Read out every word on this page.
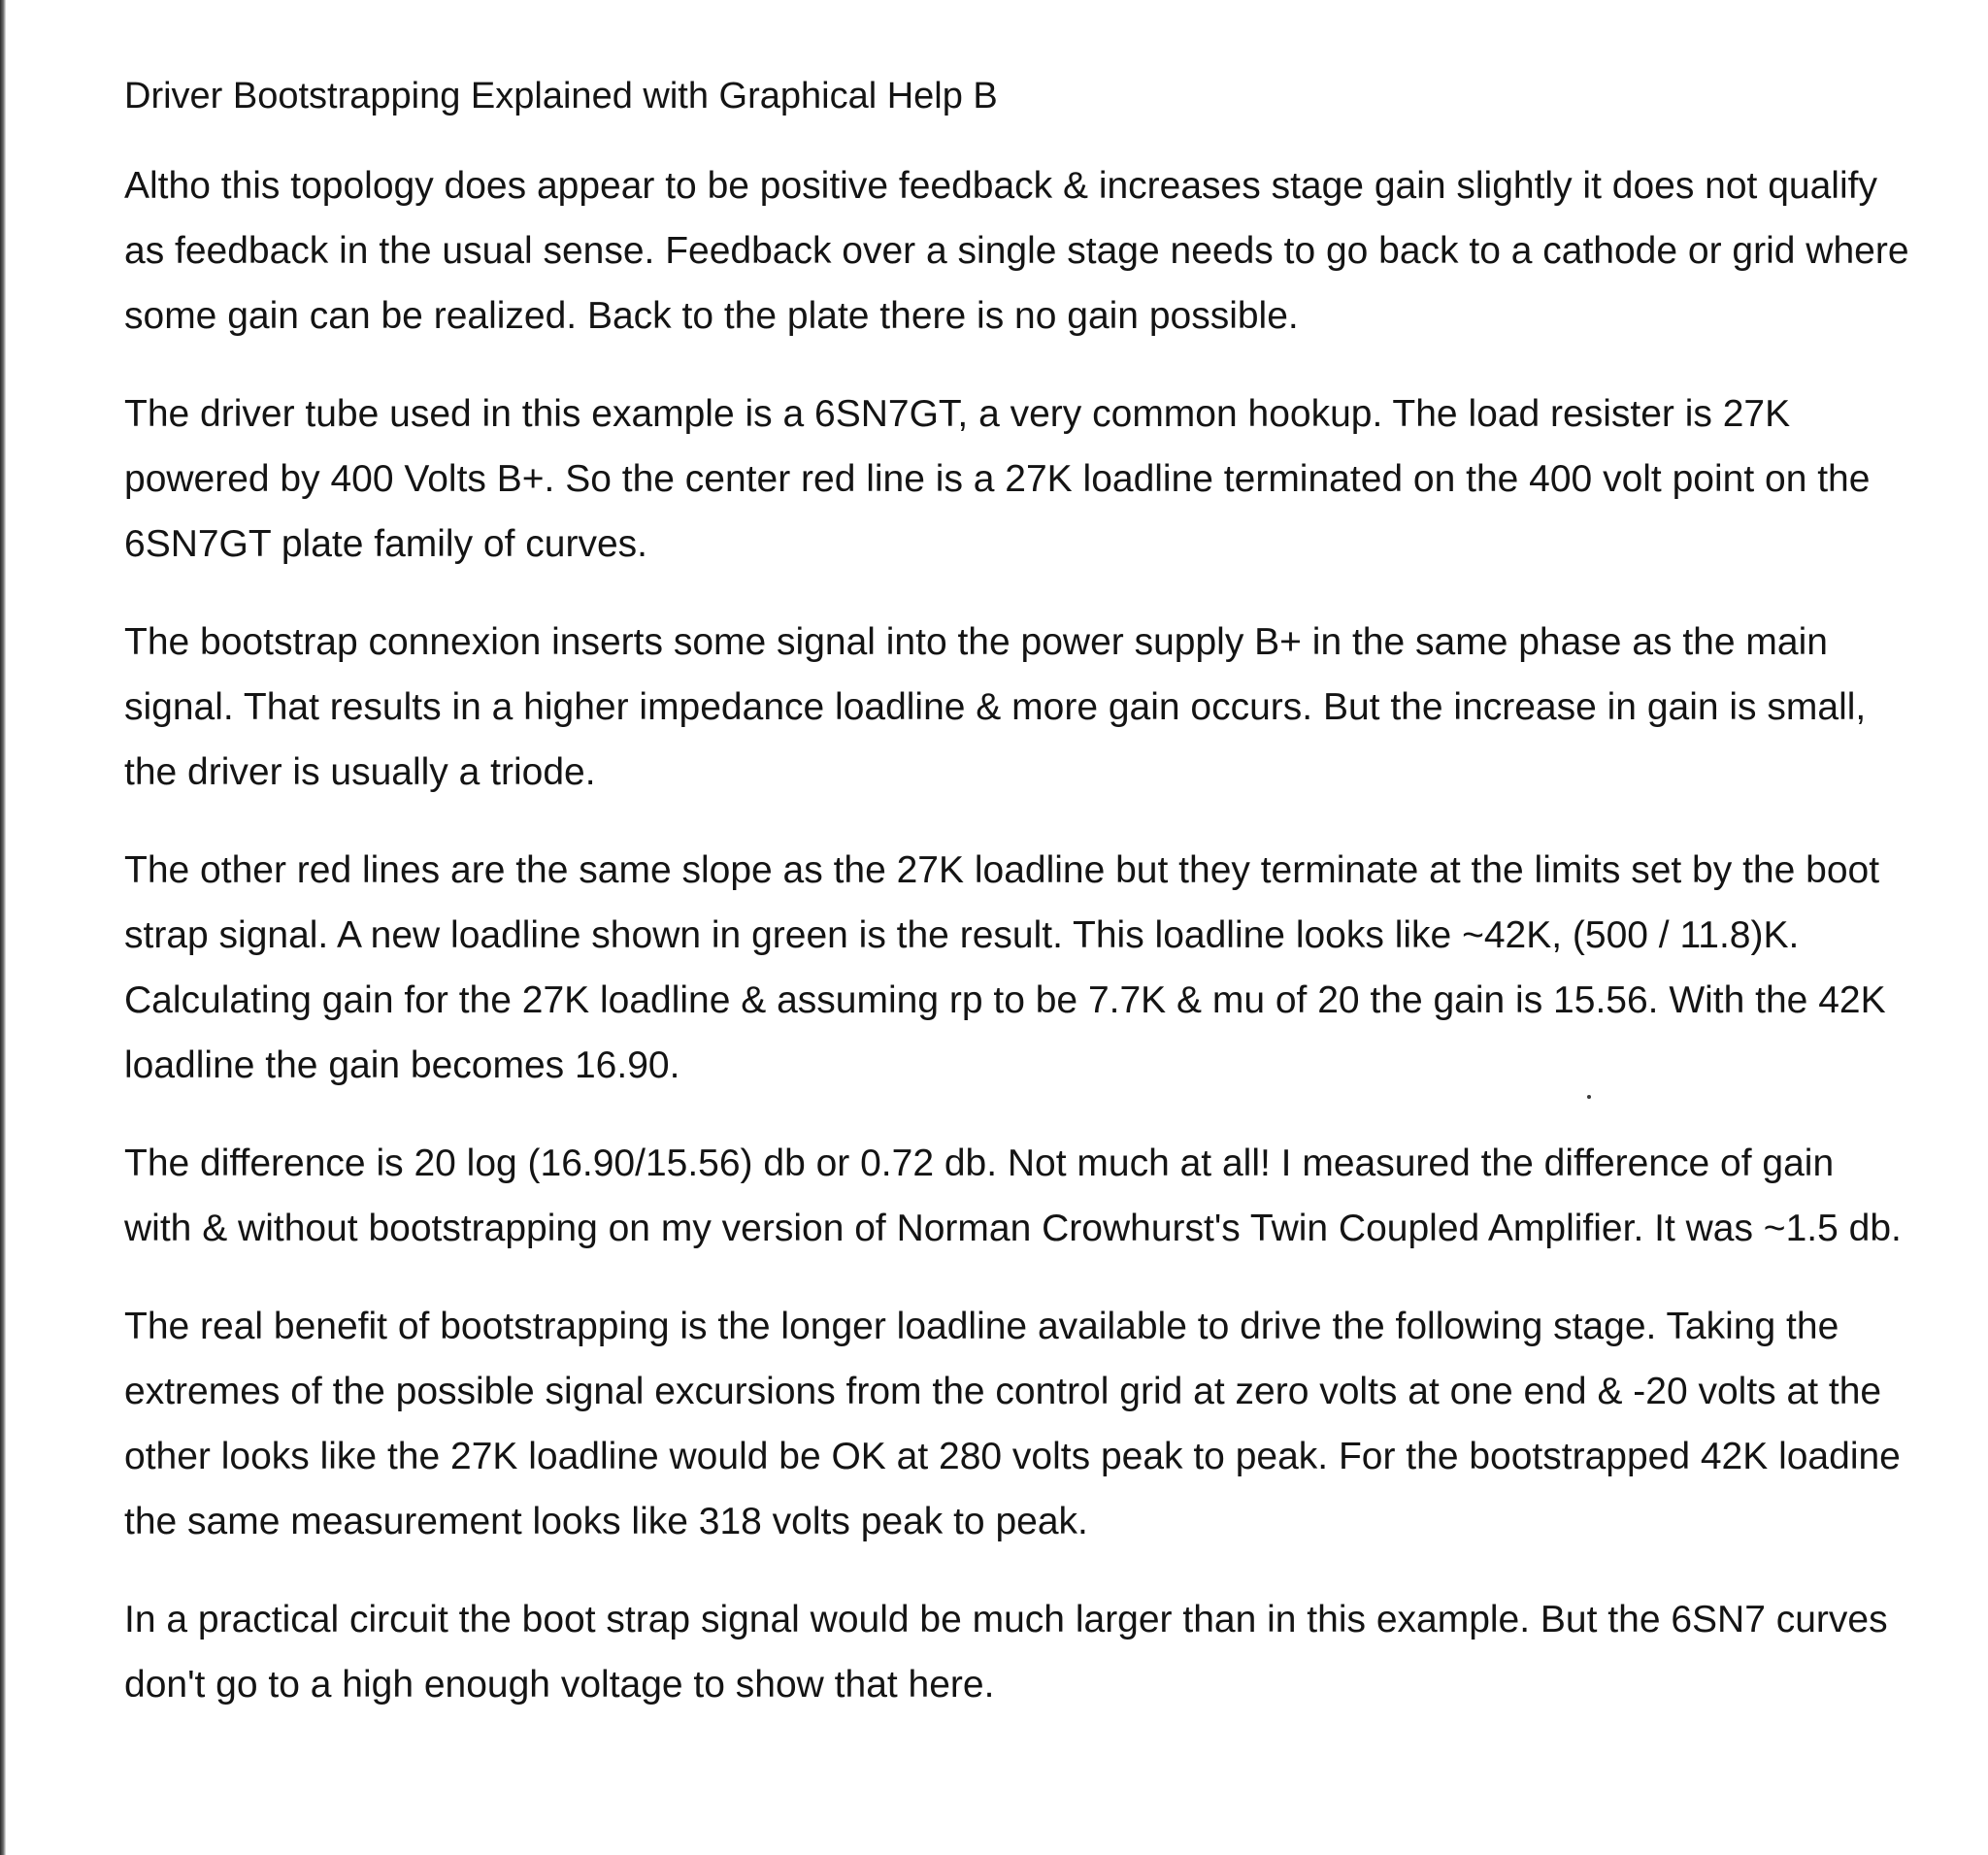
Driver Bootstrapping Explained with Graphical Help B

Altho this topology does appear to be positive feedback & increases stage gain slightly it does not qualify as feedback in the usual sense. Feedback over a single stage needs to go back to a cathode or grid where some gain can be realized. Back to the plate there is no gain possible.

The driver tube used in this example is a 6SN7GT, a very common hookup. The load resister is 27K powered by 400 Volts B+. So the center red line is a 27K loadline terminated on the 400 volt point on the 6SN7GT plate family of curves.

The bootstrap connexion inserts some signal into the power supply B+ in the same phase as the main signal. That results in a higher impedance loadline & more gain occurs. But the increase in gain is small, the driver is usually a triode.

The other red lines are the same slope as the 27K loadline but they terminate at the limits set by the boot strap signal. A new loadline shown in green is the result. This loadline looks like ~42K, (500 / 11.8)K. Calculating gain for the 27K loadline & assuming rp to be 7.7K & mu of 20 the gain is 15.56. With the 42K loadline the gain becomes 16.90.

The difference is 20 log (16.90/15.56) db or 0.72 db. Not much at all! I measured the difference of gain with & without bootstrapping on my version of Norman Crowhurst's Twin Coupled Amplifier. It was ~1.5 db.

The real benefit of bootstrapping is the longer loadline available to drive the following stage. Taking the extremes of the possible signal excursions from the control grid at zero volts at one end & -20 volts at the other looks like the 27K loadline would be OK at 280 volts peak to peak. For the bootstrapped 42K loadine the same measurement looks like 318 volts peak to peak.

In a practical circuit the boot strap signal would be much larger than in this example. But the 6SN7 curves don't go to a high enough voltage to show that here.
